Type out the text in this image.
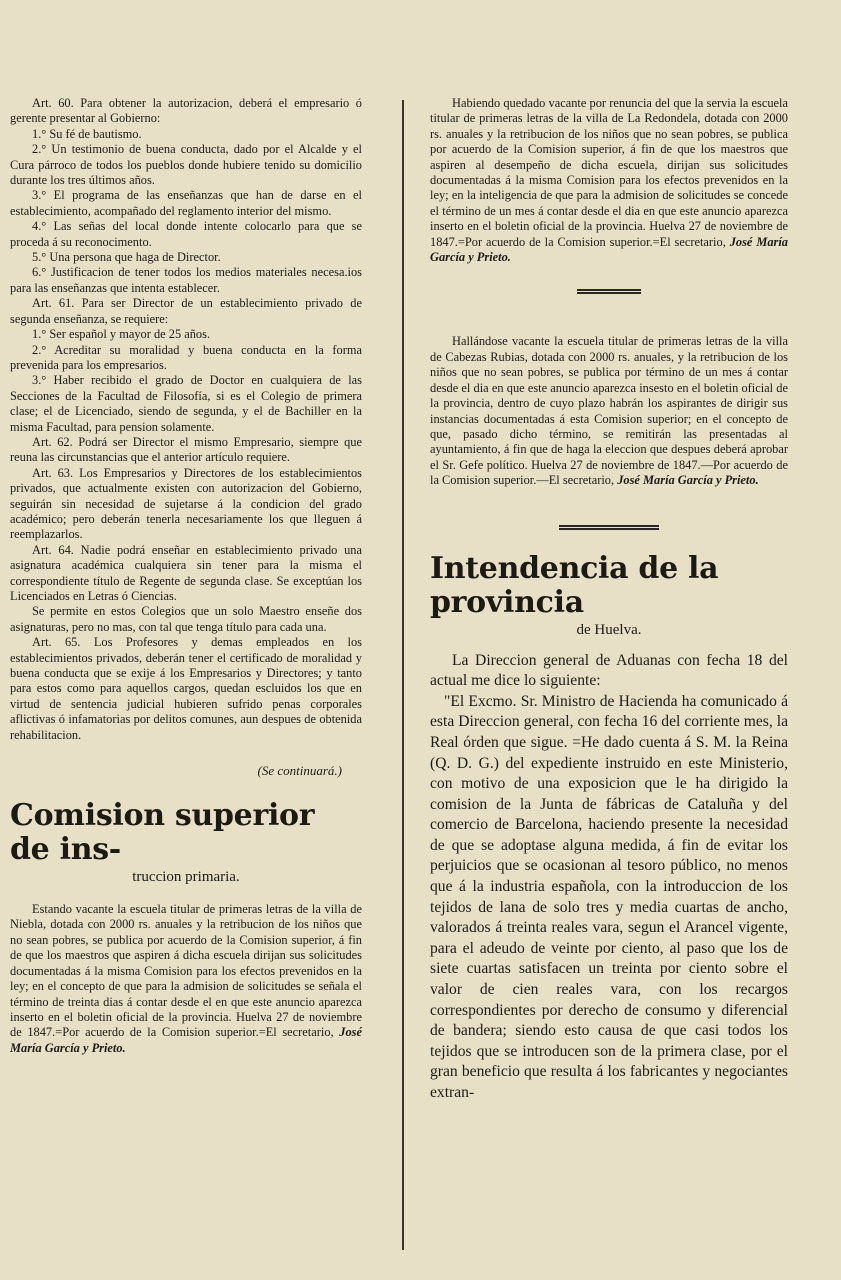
Art. 60. Para obtener la autorizacion, deberá el empresario ó gerente presentar al Gobierno:

1.° Su fé de bautismo.

2.° Un testimonio de buena conducta, dado por el Alcalde y el Cura párroco de todos los pueblos donde hubiere tenido su domicilio durante los tres últimos años.

3.° El programa de las enseñanzas que han de darse en el establecimiento, acompañado del reglamento interior del mismo.

4.° Las señas del local donde intente colocarlo para que se proceda á su reconocimento.

5.° Una persona que haga de Director.

6.° Justificacion de tener todos los medios materiales necesa.ios para las enseñanzas que intenta establecer.

Art. 61. Para ser Director de un establecimiento privado de segunda enseñanza, se requiere:

1.° Ser español y mayor de 25 años.

2.° Acreditar su moralidad y buena conducta en la forma prevenida para los empresarios.

3.° Haber recibido el grado de Doctor en cualquiera de las Secciones de la Facultad de Filosofía, si es el Colegio de primera clase; el de Licenciado, siendo de segunda, y el de Bachiller en la misma Facultad, para pension solamente.

Art. 62. Podrá ser Director el mismo Empresario, siempre que reuna las circunstancias que el anterior artículo requiere.

Art. 63. Los Empresarios y Directores de los establecimientos privados, que actualmente existen con autorizacion del Gobierno, seguirán sin necesidad de sujetarse á la condicion del grado académico; pero deberán tenerla necesariamente los que lleguen á reemplazarlos.

Art. 64. Nadie podrá enseñar en establecimiento privado una asignatura académica cualquiera sin tener para la misma el correspondiente título de Regente de segunda clase. Se exceptúan los Licenciados en Letras ó Ciencias.

Se permite en estos Colegios que un solo Maestro enseñe dos asignaturas, pero no mas, con tal que tenga título para cada una.

Art. 65. Los Profesores y demas empleados en los establecimientos privados, deberán tener el certificado de moralidad y buena conducta que se exije á los Empresarios y Directores; y tanto para estos como para aquellos cargos, quedan escluidos los que en virtud de sentencia judicial hubieren sufrido penas corporales aflictivas ó infamatorias por delitos comunes, aun despues de obtenida rehabilitacion.

(Se continuará.)

Comision superior de ins-

truccion primaria.

Estando vacante la escuela titular de primeras letras de la villa de Niebla, dotada con 2000 rs. anuales y la retribucion de los niños que no sean pobres, se publica por acuerdo de la Comision superior, á fin de que los maestros que aspiren á dicha escuela dirijan sus solicitudes documentadas á la misma Comision para los efectos prevenidos en la ley; en el concepto de que para la admision de solicitudes se señala el término de treinta dias á contar desde el en que este anuncio aparezca inserto en el boletin oficial de la provincia. Huelva 27 de noviembre de 1847.=Por acuerdo de la Comision superior.=El secretario, José María García y Prieto.

Habiendo quedado vacante por renuncia del que la servia la escuela titular de primeras letras de la villa de La Redondela, dotada con 2000 rs. anuales y la retribucion de los niños que no sean pobres, se publica por acuerdo de la Comision superior, á fin de que los maestros que aspiren al desempeño de dicha escuela, dirijan sus solicitudes documentadas á la misma Comision para los efectos prevenidos en la ley; en la inteligencia de que para la admision de solicitudes se concede el término de un mes á contar desde el dia en que este anuncio aparezca inserto en el boletin oficial de la provincia. Huelva 27 de noviembre de 1847.=Por acuerdo de la Comision superior.=El secretario, José María García y Prieto.

Hallándose vacante la escuela titular de primeras letras de la villa de Cabezas Rubias, dotada con 2000 rs. anuales, y la retribucion de los niños que no sean pobres, se publica por término de un mes á contar desde el dia en que este anuncio aparezca insesto en el boletin oficial de la provincia, dentro de cuyo plazo habrán los aspirantes de dirigir sus instancias documentadas á esta Comision superior; en el concepto de que, pasado dicho término, se remitirán las presentadas al ayuntamiento, á fin que de haga la eleccion que despues deberá aprobar el Sr. Gefe político. Huelva 27 de noviembre de 1847.—Por acuerdo de la Comision superior.—El secretario, José María García y Prieto.

Intendencia de la provincia

de Huelva.

La Direccion general de Aduanas con fecha 18 del actual me dice lo siguiente:

"El Excmo. Sr. Ministro de Hacienda ha comunicado á esta Direccion general, con fecha 16 del corriente mes, la Real órden que sigue. =He dado cuenta á S. M. la Reina (Q. D. G.) del expediente instruido en este Ministerio, con motivo de una exposicion que le ha dirigido la comision de la Junta de fábricas de Cataluña y del comercio de Barcelona, haciendo presente la necesidad de que se adoptase alguna medida, á fin de evitar los perjuicios que se ocasionan al tesoro público, no menos que á la industria española, con la introduccion de los tejidos de lana de solo tres y media cuartas de ancho, valorados á treinta reales vara, segun el Arancel vigente, para el adeudo de veinte por ciento, al paso que los de siete cuartas satisfacen un treinta por ciento sobre el valor de cien reales vara, con los recargos correspondientes por derecho de consumo y diferencial de bandera; siendo esto causa de que casi todos los tejidos que se introducen son de la primera clase, por el gran beneficio que resulta á los fabricantes y negociantes extran-
